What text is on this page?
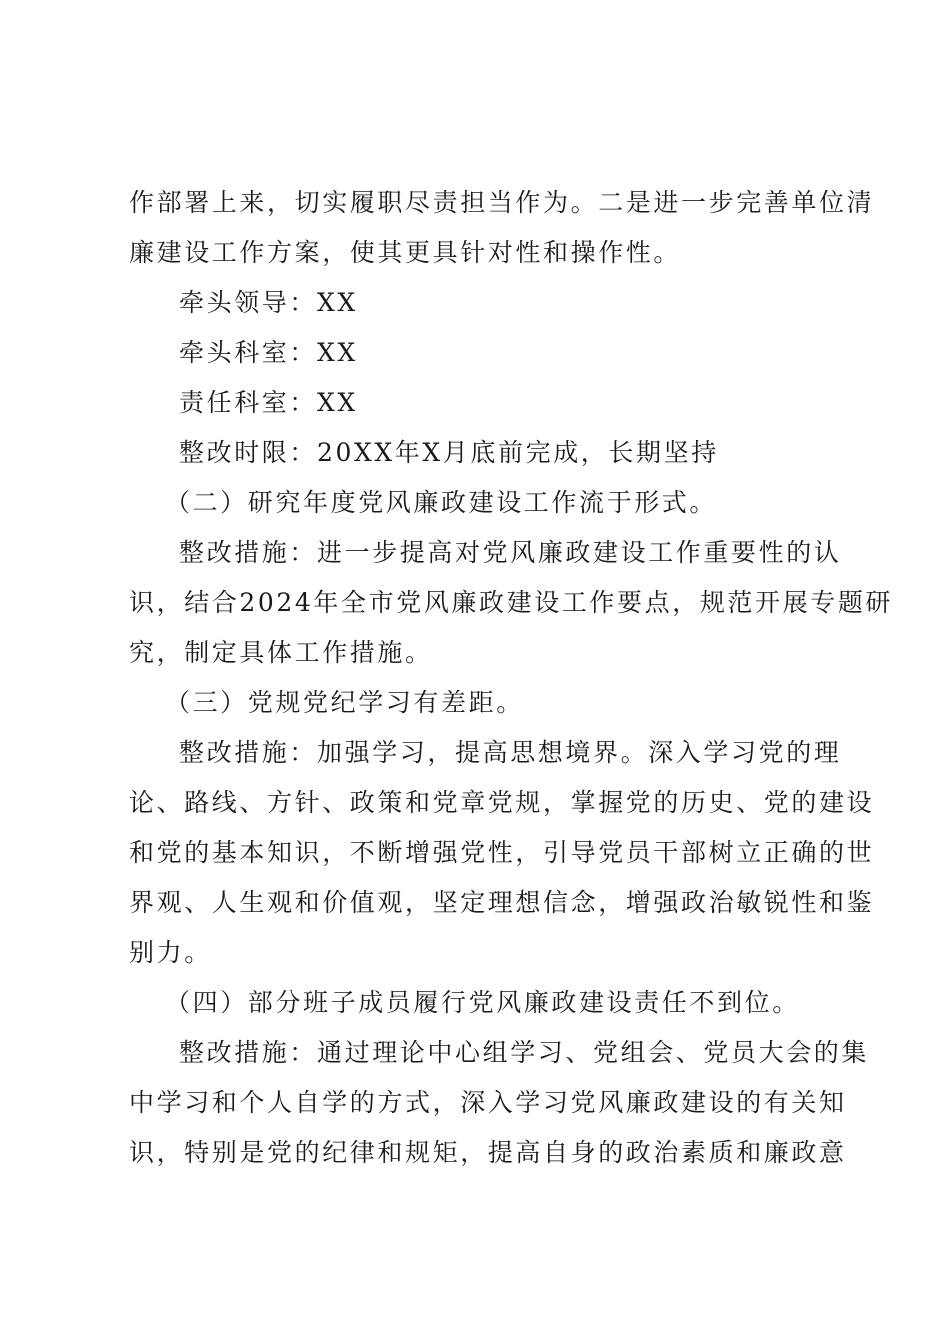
作部署上来，切实履职尽责担当作为。二是进一步完善单位清
廉建设工作方案，使其更具针对性和操作性。
牵头领导：XX
牵头科室：XX
责任科室：XX
整改时限：20XX年X月底前完成，长期坚持
（二）研究年度党风廉政建设工作流于形式。
整改措施：进一步提高对党风廉政建设工作重要性的认
识，结合2024年全市党风廉政建设工作要点，规范开展专题研
究，制定具体工作措施。
（三）党规党纪学习有差距。
整改措施：加强学习，提高思想境界。深入学习党的理
论、路线、方针、政策和党章党规，掌握党的历史、党的建设
和党的基本知识，不断增强党性，引导党员干部树立正确的世
界观、人生观和价值观，坚定理想信念，增强政治敏锐性和鉴
别力。
（四）部分班子成员履行党风廉政建设责任不到位。
整改措施：通过理论中心组学习、党组会、党员大会的集
中学习和个人自学的方式，深入学习党风廉政建设的有关知
识，特别是党的纪律和规矩，提高自身的政治素质和廉政意
